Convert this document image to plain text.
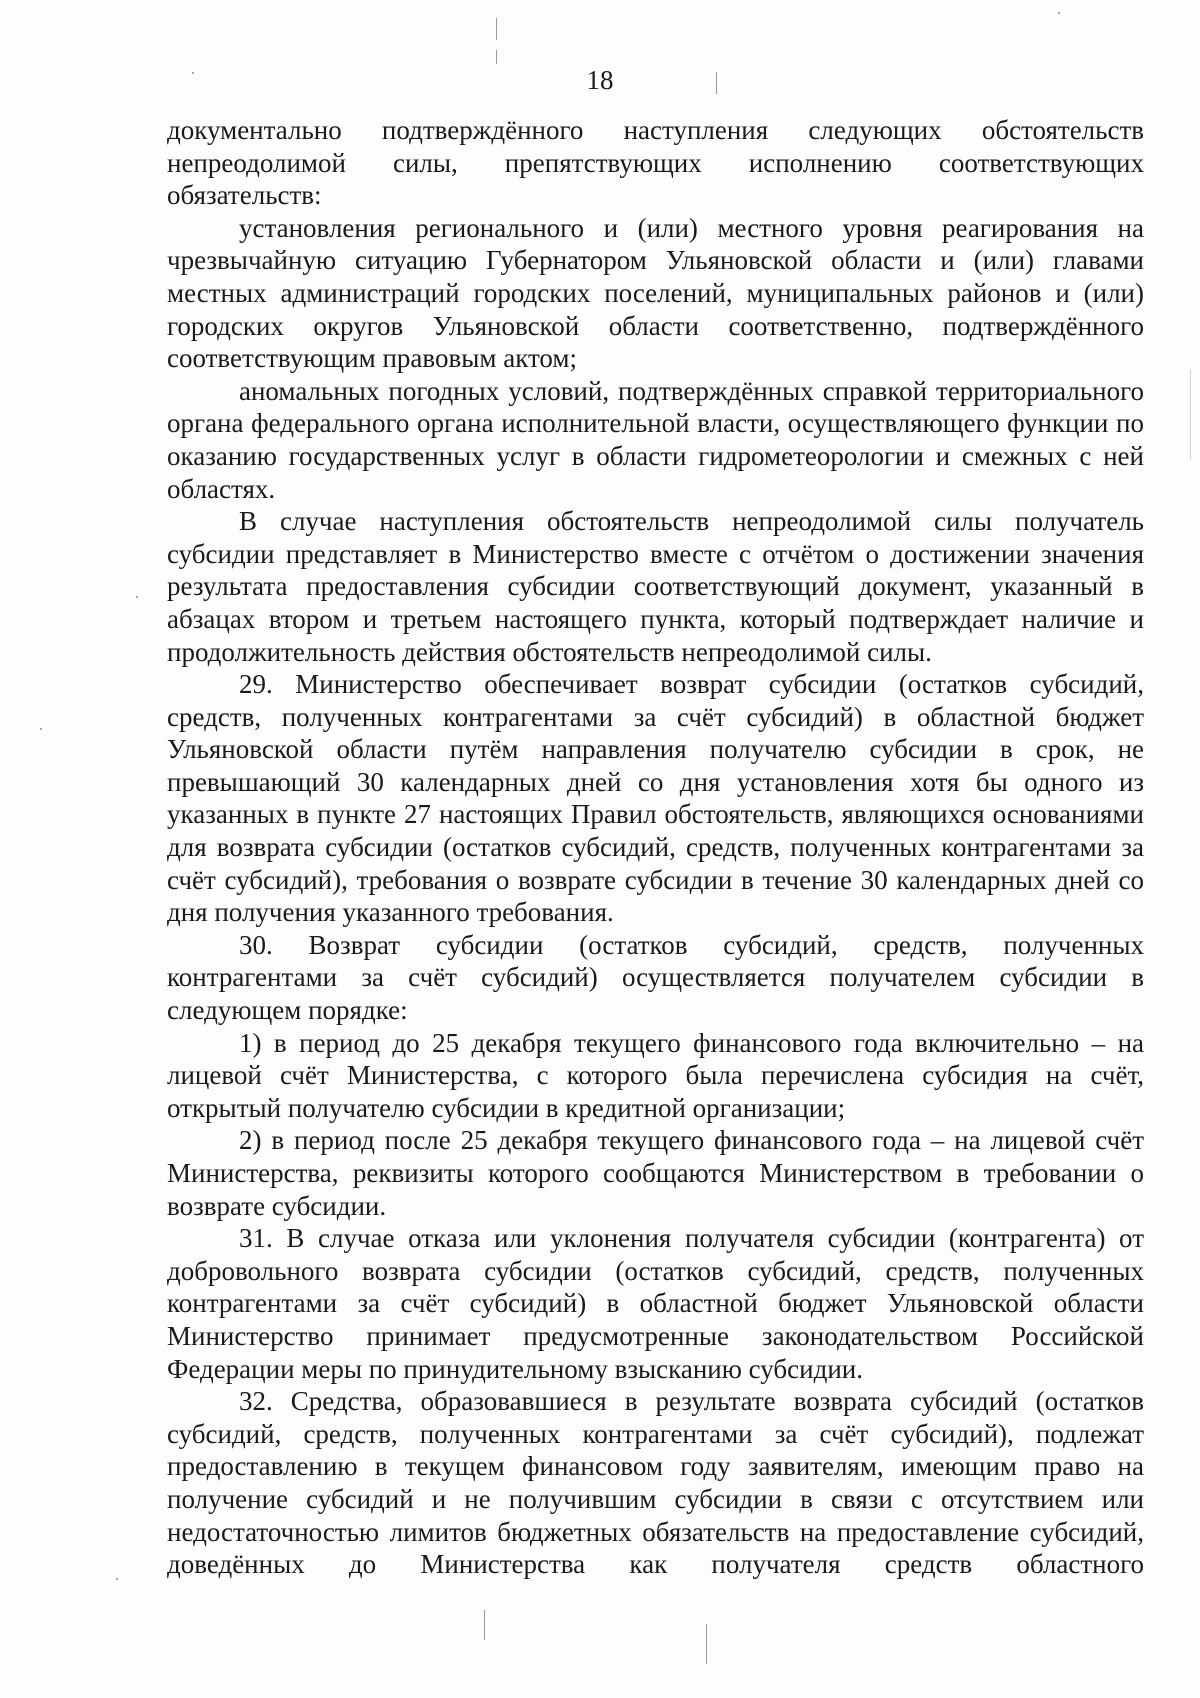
18

документально подтверждённого наступления следующих обстоятельств непреодолимой силы, препятствующих исполнению соответствующих обязательств:

установления регионального и (или) местного уровня реагирования на чрезвычайную ситуацию Губернатором Ульяновской области и (или) главами местных администраций городских поселений, муниципальных районов и (или) городских округов Ульяновской области соответственно, подтверждённого соответствующим правовым актом;

аномальных погодных условий, подтверждённых справкой территориального органа федерального органа исполнительной власти, осуществляющего функции по оказанию государственных услуг в области гидрометеорологии и смежных с ней областях.

В случае наступления обстоятельств непреодолимой силы получатель субсидии представляет в Министерство вместе с отчётом о достижении значения результата предоставления субсидии соответствующий документ, указанный в абзацах втором и третьем настоящего пункта, который подтверждает наличие и продолжительность действия обстоятельств непреодолимой силы.

29. Министерство обеспечивает возврат субсидии (остатков субсидий, средств, полученных контрагентами за счёт субсидий) в областной бюджет Ульяновской области путём направления получателю субсидии в срок, не превышающий 30 календарных дней со дня установления хотя бы одного из указанных в пункте 27 настоящих Правил обстоятельств, являющихся основаниями для возврата субсидии (остатков субсидий, средств, полученных контрагентами за счёт субсидий), требования о возврате субсидии в течение 30 календарных дней со дня получения указанного требования.

30. Возврат субсидии (остатков субсидий, средств, полученных контрагентами за счёт субсидий) осуществляется получателем субсидии в следующем порядке:

1) в период до 25 декабря текущего финансового года включительно – на лицевой счёт Министерства, с которого была перечислена субсидия на счёт, открытый получателю субсидии в кредитной организации;

2) в период после 25 декабря текущего финансового года – на лицевой счёт Министерства, реквизиты которого сообщаются Министерством в требовании о возврате субсидии.

31. В случае отказа или уклонения получателя субсидии (контрагента) от добровольного возврата субсидии (остатков субсидий, средств, полученных контрагентами за счёт субсидий) в областной бюджет Ульяновской области Министерство принимает предусмотренные законодательством Российской Федерации меры по принудительному взысканию субсидии.

32. Средства, образовавшиеся в результате возврата субсидий (остатков субсидий, средств, полученных контрагентами за счёт субсидий), подлежат предоставлению в текущем финансовом году заявителям, имеющим право на получение субсидий и не получившим субсидии в связи с отсутствием или недостаточностью лимитов бюджетных обязательств на предоставление субсидий, доведённых до Министерства как получателя средств областного
